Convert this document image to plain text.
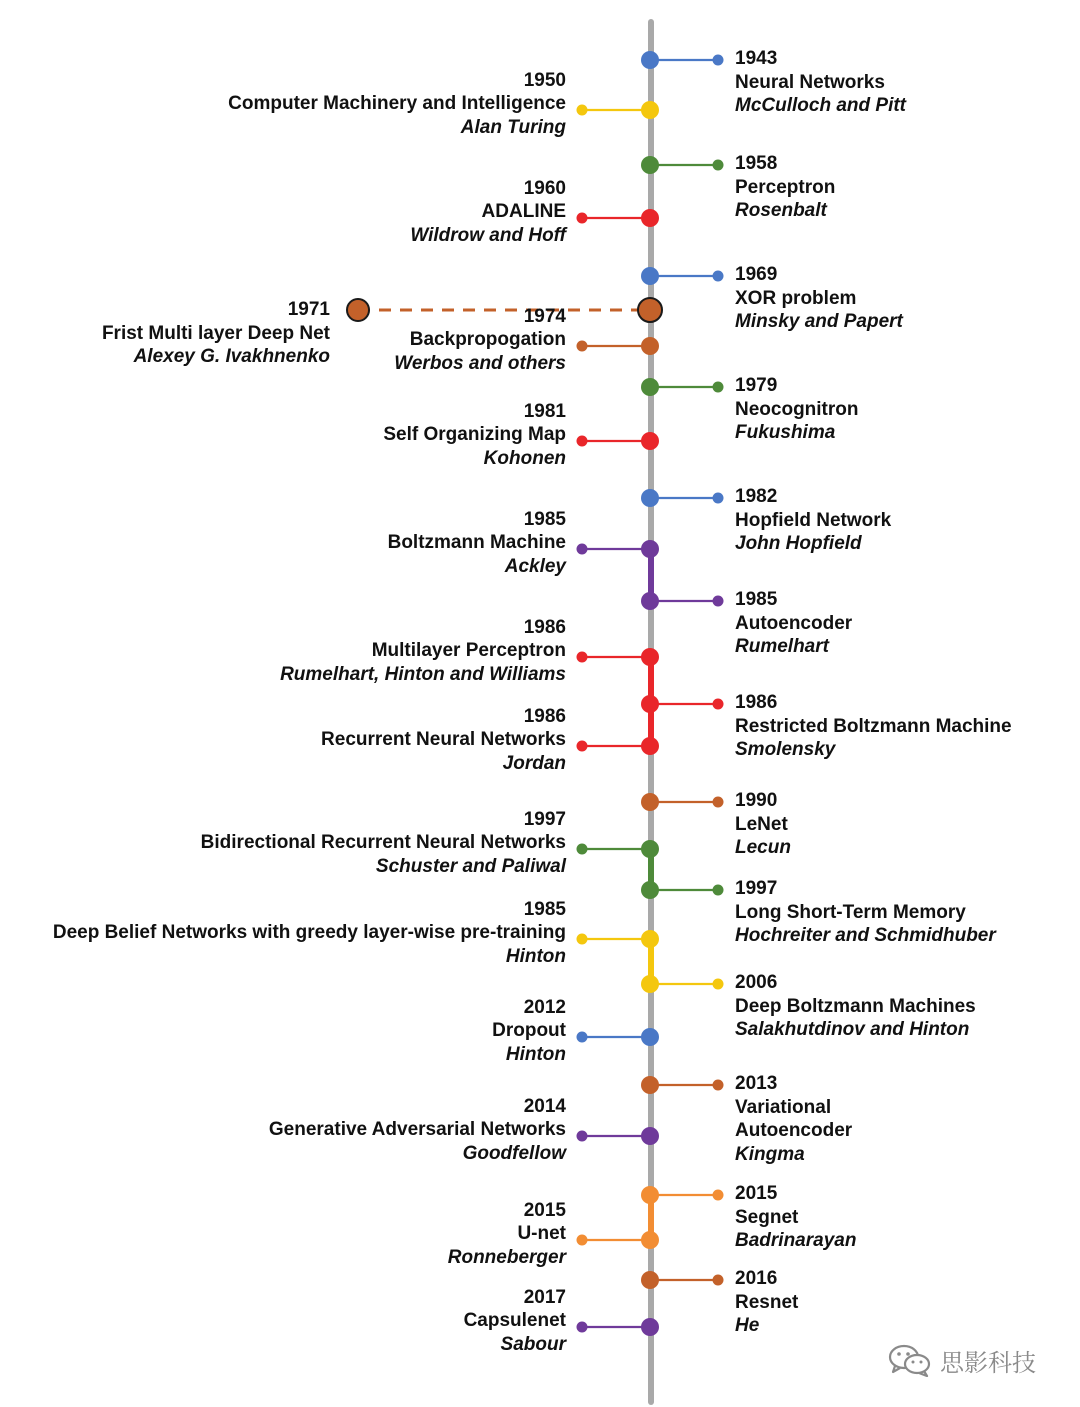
1943
Neural Networks
McCulloch and Pitt
1950
Computer Machinery and Intelligence
Alan Turing
1958
Perceptron
Rosenbalt
1960
ADALINE
Wildrow and Hoff
1969
XOR problem
Minsky and Papert
1971
Frist Multi layer Deep Net
Alexey G. Ivakhnenko
1974
Backpropogation
Werbos and others
1979
Neocognitron
Fukushima
1981
Self Organizing Map
Kohonen
1982
Hopfield Network
John Hopfield
1985
Boltzmann Machine
Ackley
1985
Autoencoder
Rumelhart
1986
Multilayer Perceptron
Rumelhart, Hinton and Williams
1986
Restricted Boltzmann Machine
Smolensky
1986
Recurrent Neural Networks
Jordan
1990
LeNet
Lecun
1997
Bidirectional Recurrent Neural Networks
Schuster and Paliwal
1997
Long Short-Term Memory
Hochreiter and Schmidhuber
1985
Deep Belief Networks with greedy layer-wise pre-training
Hinton
2006
Deep Boltzmann Machines
Salakhutdinov and Hinton
2012
Dropout
Hinton
2013
Variational
Autoencoder
Kingma
2014
Generative Adversarial Networks
Goodfellow
2015
Segnet
Badrinarayan
2015
U-net
Ronneberger
2016
Resnet
He
2017
Capsulenet
Sabour
思影科技
